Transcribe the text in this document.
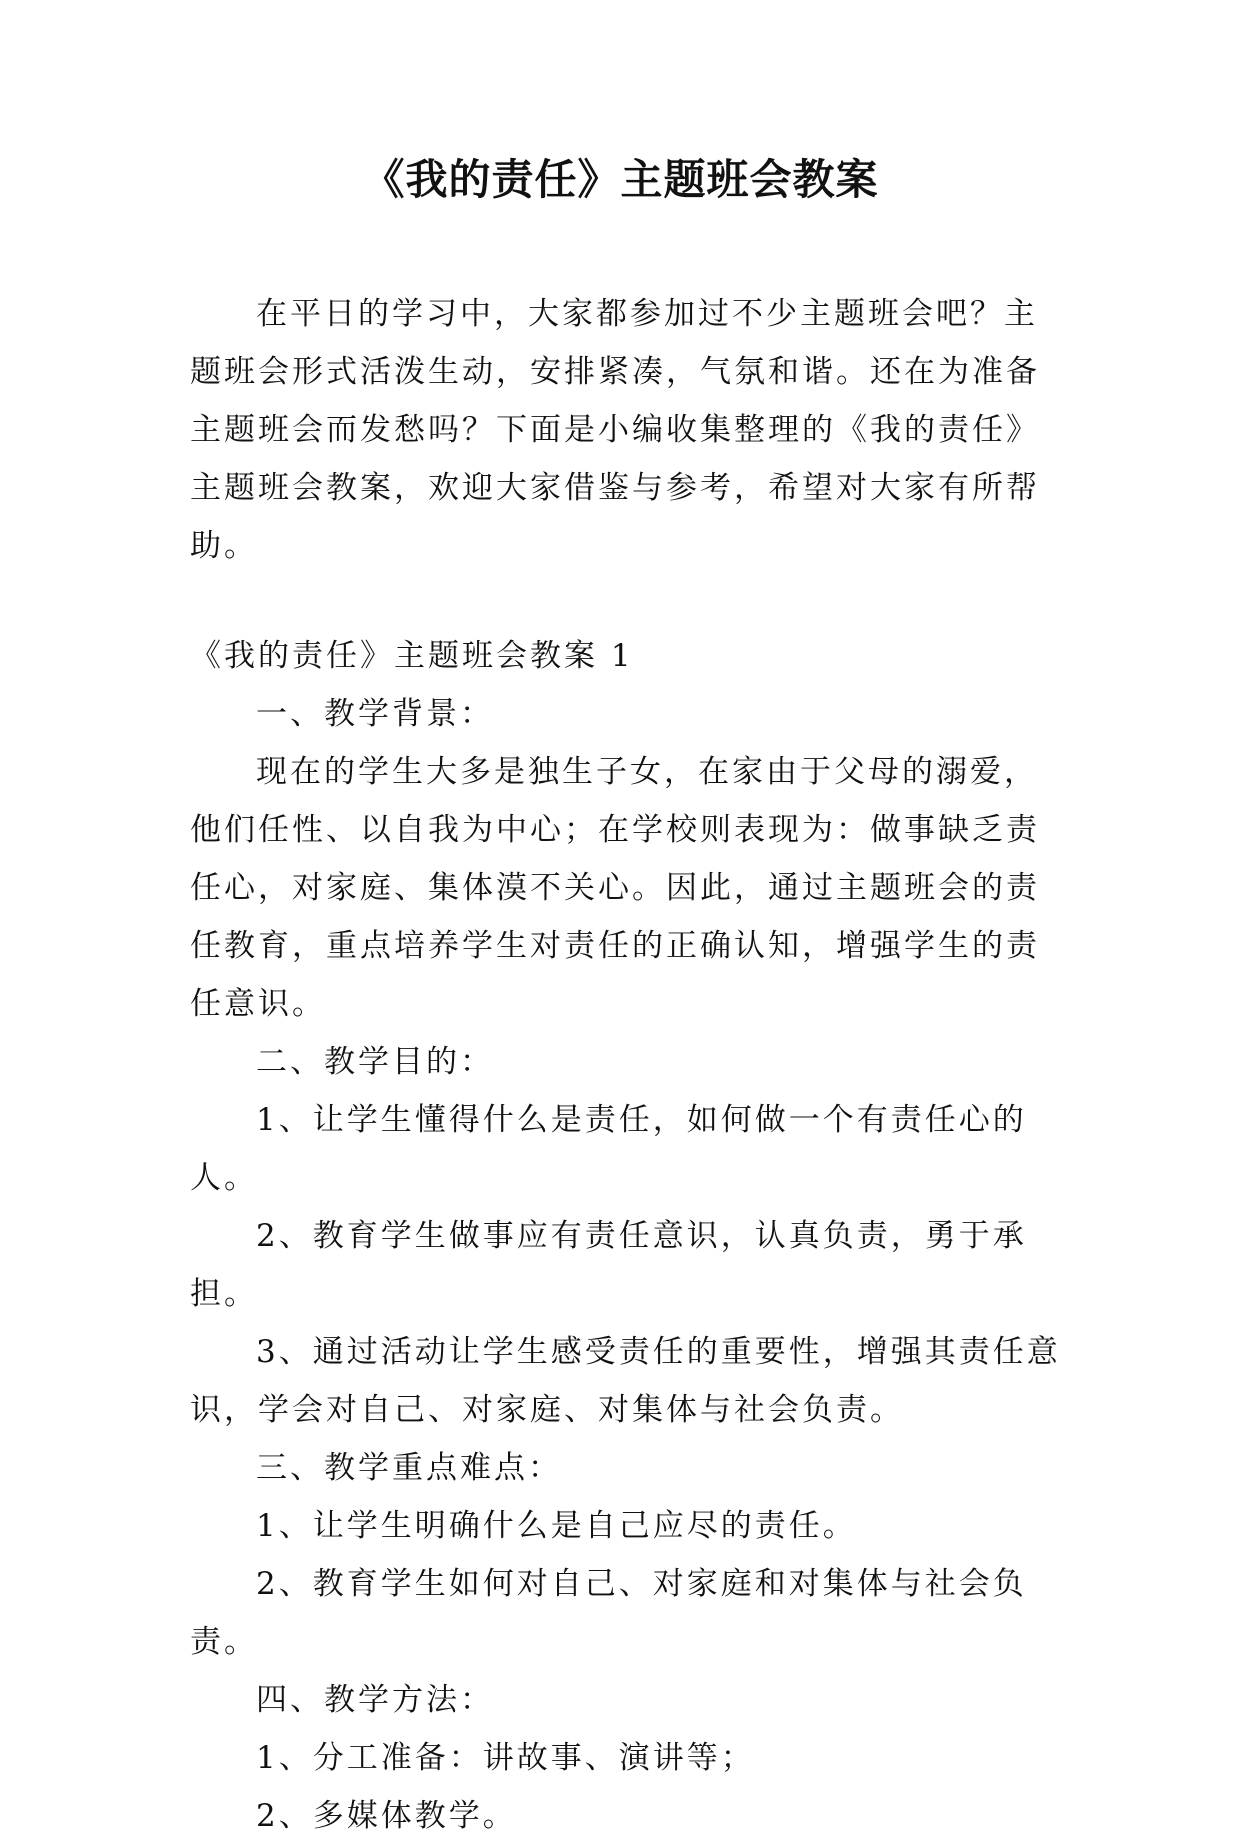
《我的责任》主题班会教案

在平日的学习中，大家都参加过不少主题班会吧？主题班会形式活泼生动，安排紧凑，气氛和谐。还在为准备主题班会而发愁吗？下面是小编收集整理的《我的责任》主题班会教案，欢迎大家借鉴与参考，希望对大家有所帮助。

《我的责任》主题班会教案 1

一、教学背景：

现在的学生大多是独生子女，在家由于父母的溺爱，他们任性、以自我为中心；在学校则表现为：做事缺乏责任心，对家庭、集体漠不关心。因此，通过主题班会的责任教育，重点培养学生对责任的正确认知，增强学生的责任意识。

二、教学目的：

1、让学生懂得什么是责任，如何做一个有责任心的人。

2、教育学生做事应有责任意识，认真负责，勇于承担。

3、通过活动让学生感受责任的重要性，增强其责任意识，学会对自己、对家庭、对集体与社会负责。

三、教学重点难点：

1、让学生明确什么是自己应尽的责任。

2、教育学生如何对自己、对家庭和对集体与社会负责。

四、教学方法：

1、分工准备：讲故事、演讲等；

2、多媒体教学。
